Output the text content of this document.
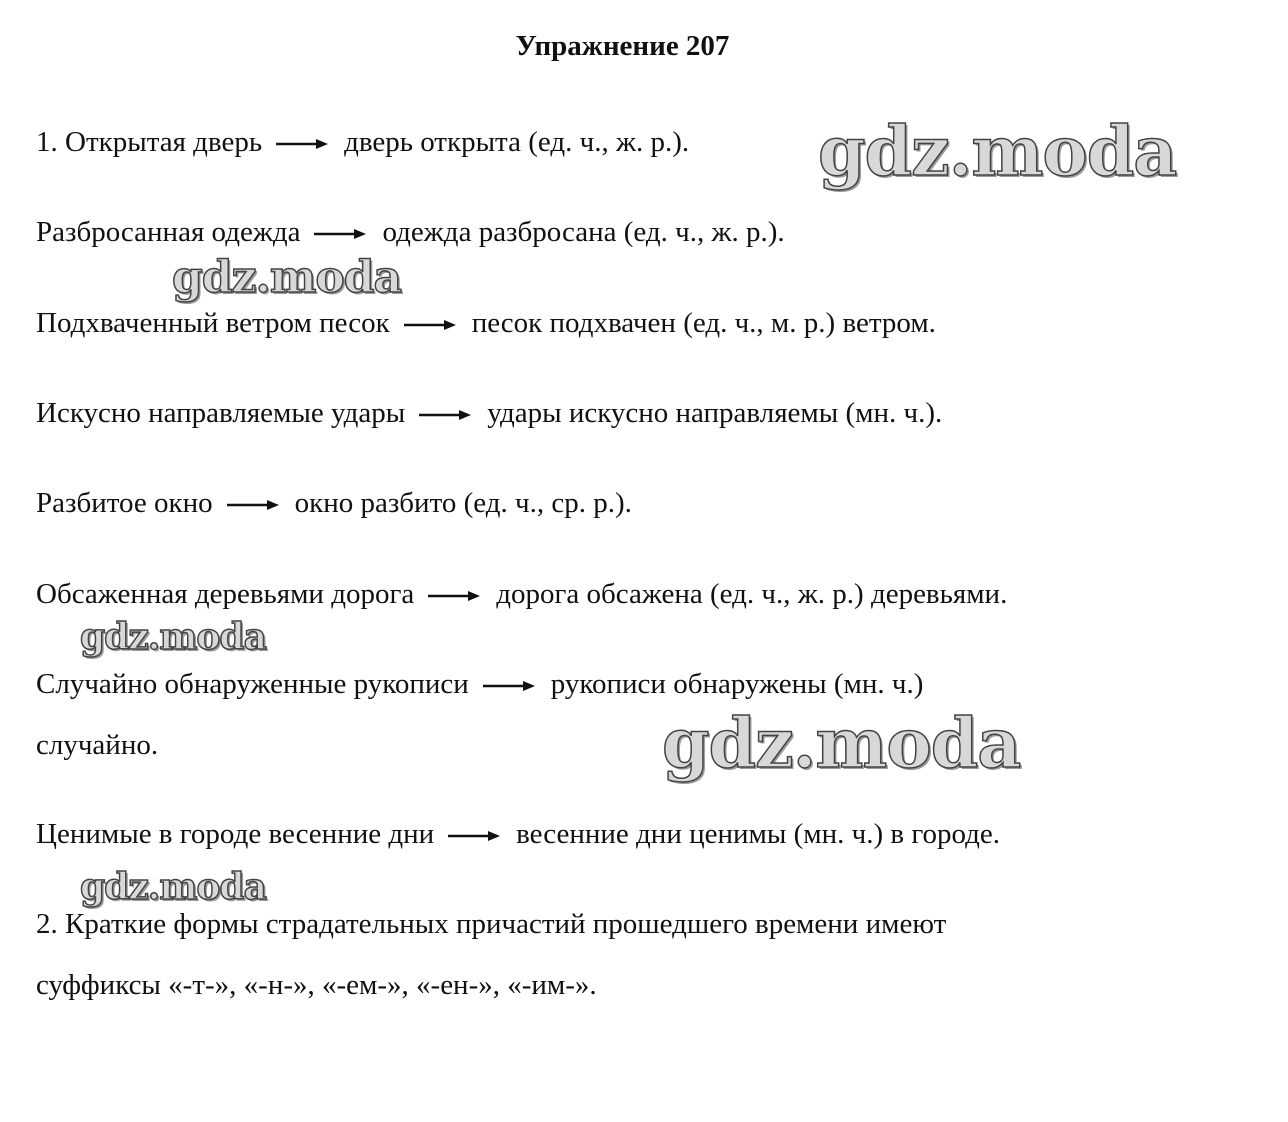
Упражнение 207
1. Открытая дверь	дверь открыта (ед. ч., ж. р.).
Разбросанная одежда	одежда разбросана (ед. ч., ж. р.).
Подхваченный ветром песок	песок подхвачен (ед. ч., м. р.) ветром.
Искусно направляемые удары	удары искусно направляемы (мн. ч.).
Разбитое окно	окно разбито (ед. ч., ср. р.).
Обсаженная деревьями дорога	дорога обсажена (ед. ч., ж. р.) деревьями.
Случайно обнаруженные рукописи	рукописи обнаружены (мн. ч.)
случайно.
Ценимые в городе весенние дни	весенние дни ценимы (мн. ч.) в городе.
2. Краткие формы страдательных причастий прошедшего времени имеют
суффиксы «-т-», «-н-», «-ем-», «-ен-», «-им-».
gdz.moda
gdz.moda
gdz.moda
gdz.moda
gdz.moda
